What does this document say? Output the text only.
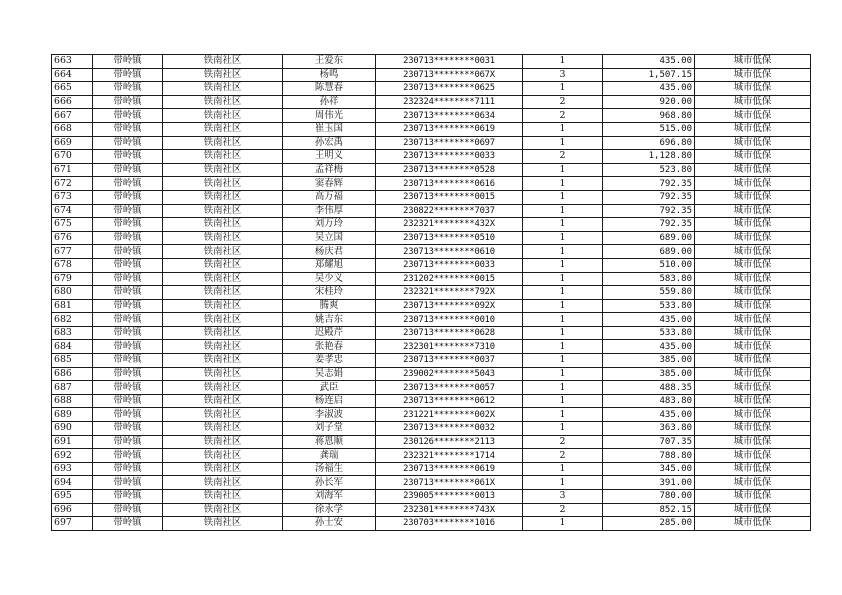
663	带岭镇	铁南社区	王爱东	230713********0031	1	435.00	城市低保
664	带岭镇	铁南社区	杨鸣	230713********067X	3	1,507.15	城市低保
665	带岭镇	铁南社区	陈慧春	230713********0625	1	435.00	城市低保
666	带岭镇	铁南社区	孙祥	232324********7111	2	920.00	城市低保
667	带岭镇	铁南社区	周伟光	230713********0634	2	968.80	城市低保
668	带岭镇	铁南社区	崔玉国	230713********0619	1	515.00	城市低保
669	带岭镇	铁南社区	孙宏禹	230713********0697	1	696.80	城市低保
670	带岭镇	铁南社区	王明义	230713********0033	2	1,128.80	城市低保
671	带岭镇	铁南社区	孟祥梅	230713********0528	1	523.80	城市低保
672	带岭镇	铁南社区	窦春辉	230713********0616	1	792.35	城市低保
673	带岭镇	铁南社区	高万福	230713********0015	1	792.35	城市低保
674	带岭镇	铁南社区	李伟厚	230822********7037	1	792.35	城市低保
675	带岭镇	铁南社区	刘万玲	232321********432X	1	792.35	城市低保
676	带岭镇	铁南社区	吴立国	230713********0510	1	689.00	城市低保
677	带岭镇	铁南社区	杨庆君	230713********0610	1	689.00	城市低保
678	带岭镇	铁南社区	郑耀旭	230713********0033	1	510.00	城市低保
679	带岭镇	铁南社区	吴少义	231202********0015	1	583.80	城市低保
680	带岭镇	铁南社区	宋桂玲	232321********792X	1	559.80	城市低保
681	带岭镇	铁南社区	腾爽	230713********092X	1	533.80	城市低保
682	带岭镇	铁南社区	姚吉东	230713********0010	1	435.00	城市低保
683	带岭镇	铁南社区	迟殿芹	230713********0628	1	533.80	城市低保
684	带岭镇	铁南社区	张艳春	232301********7310	1	435.00	城市低保
685	带岭镇	铁南社区	姜孝忠	230713********0037	1	385.00	城市低保
686	带岭镇	铁南社区	吴志娟	239002********5043	1	385.00	城市低保
687	带岭镇	铁南社区	武臣	230713********0057	1	488.35	城市低保
688	带岭镇	铁南社区	杨连启	230713********0612	1	483.80	城市低保
689	带岭镇	铁南社区	李淑波	231221********002X	1	435.00	城市低保
690	带岭镇	铁南社区	刘子堂	230713********0032	1	363.80	城市低保
691	带岭镇	铁南社区	蒋恩顺	230126********2113	2	707.35	城市低保
692	带岭镇	铁南社区	龚瑞	232321********1714	2	788.80	城市低保
693	带岭镇	铁南社区	汤福生	230713********0619	1	345.00	城市低保
694	带岭镇	铁南社区	孙长军	230713********061X	1	391.00	城市低保
695	带岭镇	铁南社区	刘海军	239005********0013	3	780.00	城市低保
696	带岭镇	铁南社区	徐永学	232301********743X	2	852.15	城市低保
697	带岭镇	铁南社区	孙士安	230703********1016	1	285.00	城市低保
